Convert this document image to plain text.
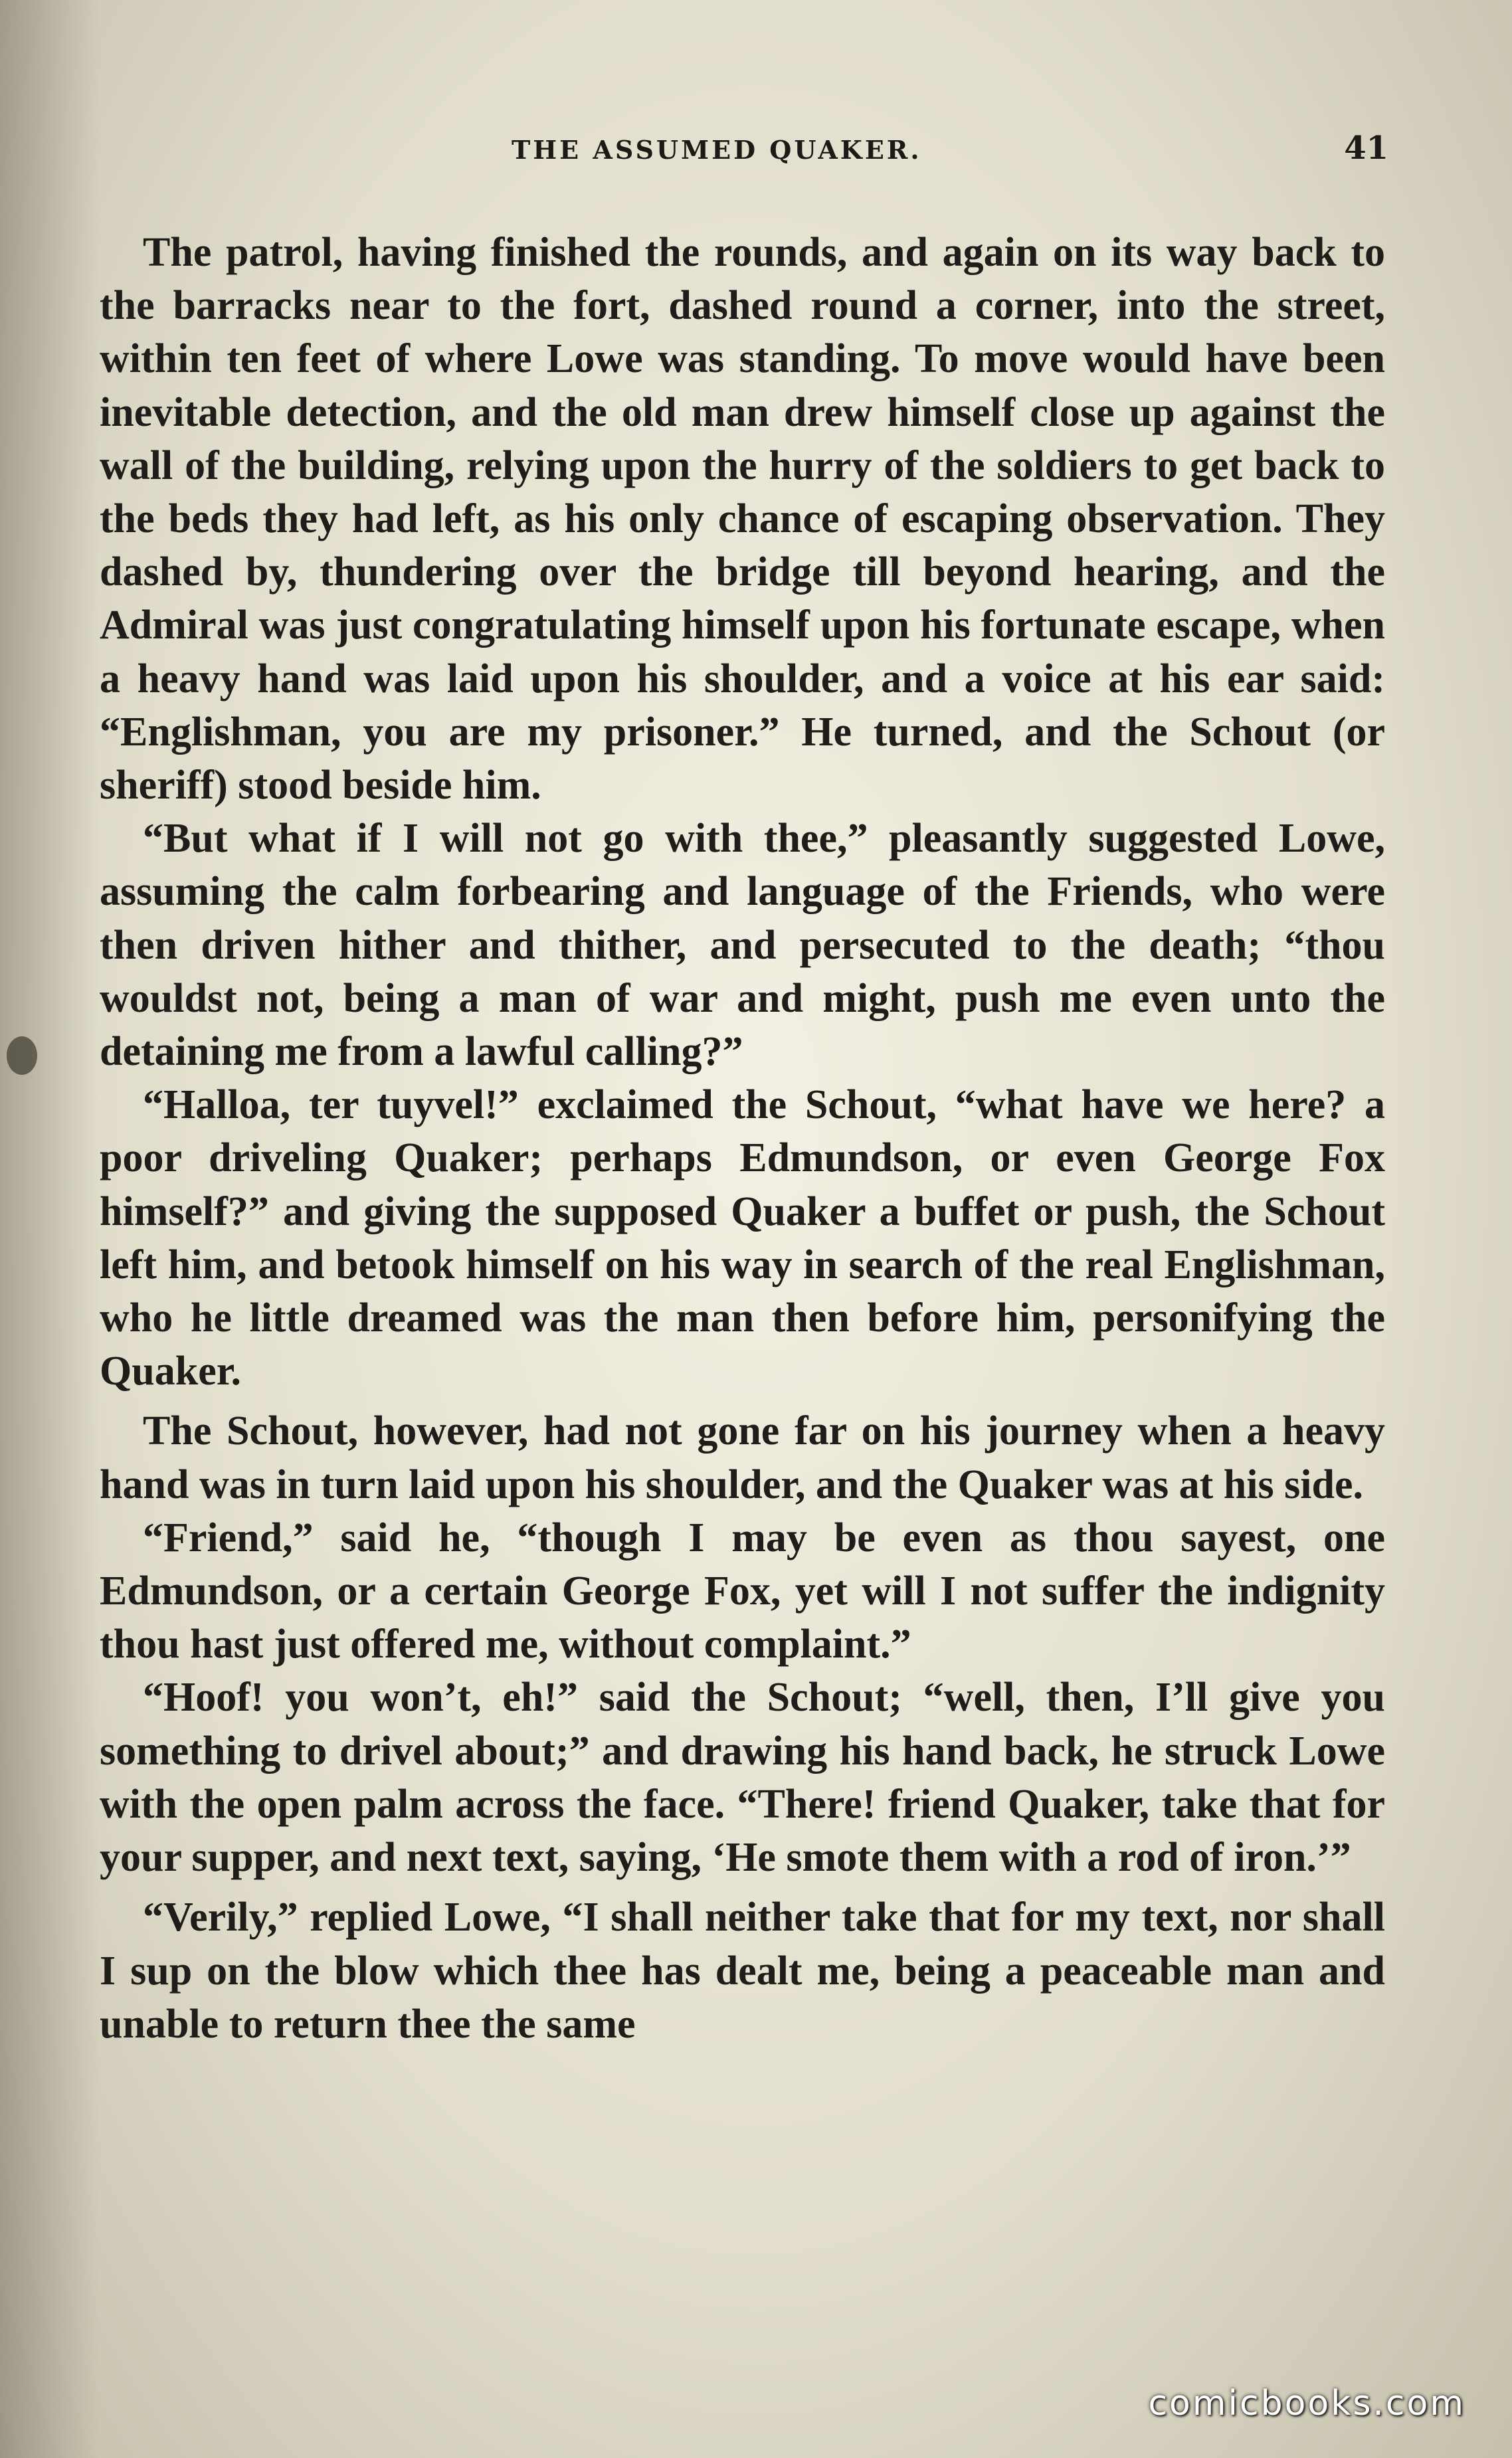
THE ASSUMED QUAKER.	41

The patrol, having finished the rounds, and again on its way back to the barracks near to the fort, dashed round a corner, into the street, within ten feet of where Lowe was standing. To move would have been inevitable detection, and the old man drew himself close up against the wall of the building, relying upon the hurry of the soldiers to get back to the beds they had left, as his only chance of escaping observation. They dashed by, thundering over the bridge till beyond hearing, and the Admiral was just congratulating himself upon his fortunate escape, when a heavy hand was laid upon his shoulder, and a voice at his ear said: “Englishman, you are my prisoner.” He turned, and the Schout (or sheriff) stood beside him.

“But what if I will not go with thee,” pleasantly suggested Lowe, assuming the calm forbearing and language of the Friends, who were then driven hither and thither, and persecuted to the death; “thou wouldst not, being a man of war and might, push me even unto the detaining me from a lawful calling?”

“Halloa, ter tuyvel!” exclaimed the Schout, “what have we here? a poor driveling Quaker; perhaps Edmundson, or even George Fox himself?” and giving the supposed Quaker a buffet or push, the Schout left him, and betook himself on his way in search of the real Englishman, who he little dreamed was the man then before him, personifying the Quaker.

The Schout, however, had not gone far on his journey when a heavy hand was in turn laid upon his shoulder, and the Quaker was at his side.

“Friend,” said he, “though I may be even as thou sayest, one Edmundson, or a certain George Fox, yet will I not suffer the indignity thou hast just offered me, without complaint.”

“Hoof! you won’t, eh!” said the Schout; “well, then, I’ll give you something to drivel about;” and drawing his hand back, he struck Lowe with the open palm across the face. “There! friend Quaker, take that for your supper, and next text, saying, ‘He smote them with a rod of iron.’”

“Verily,” replied Lowe, “I shall neither take that for my text, nor shall I sup on the blow which thee has dealt me, being a peaceable man and unable to return thee the same

comicbooks.com
